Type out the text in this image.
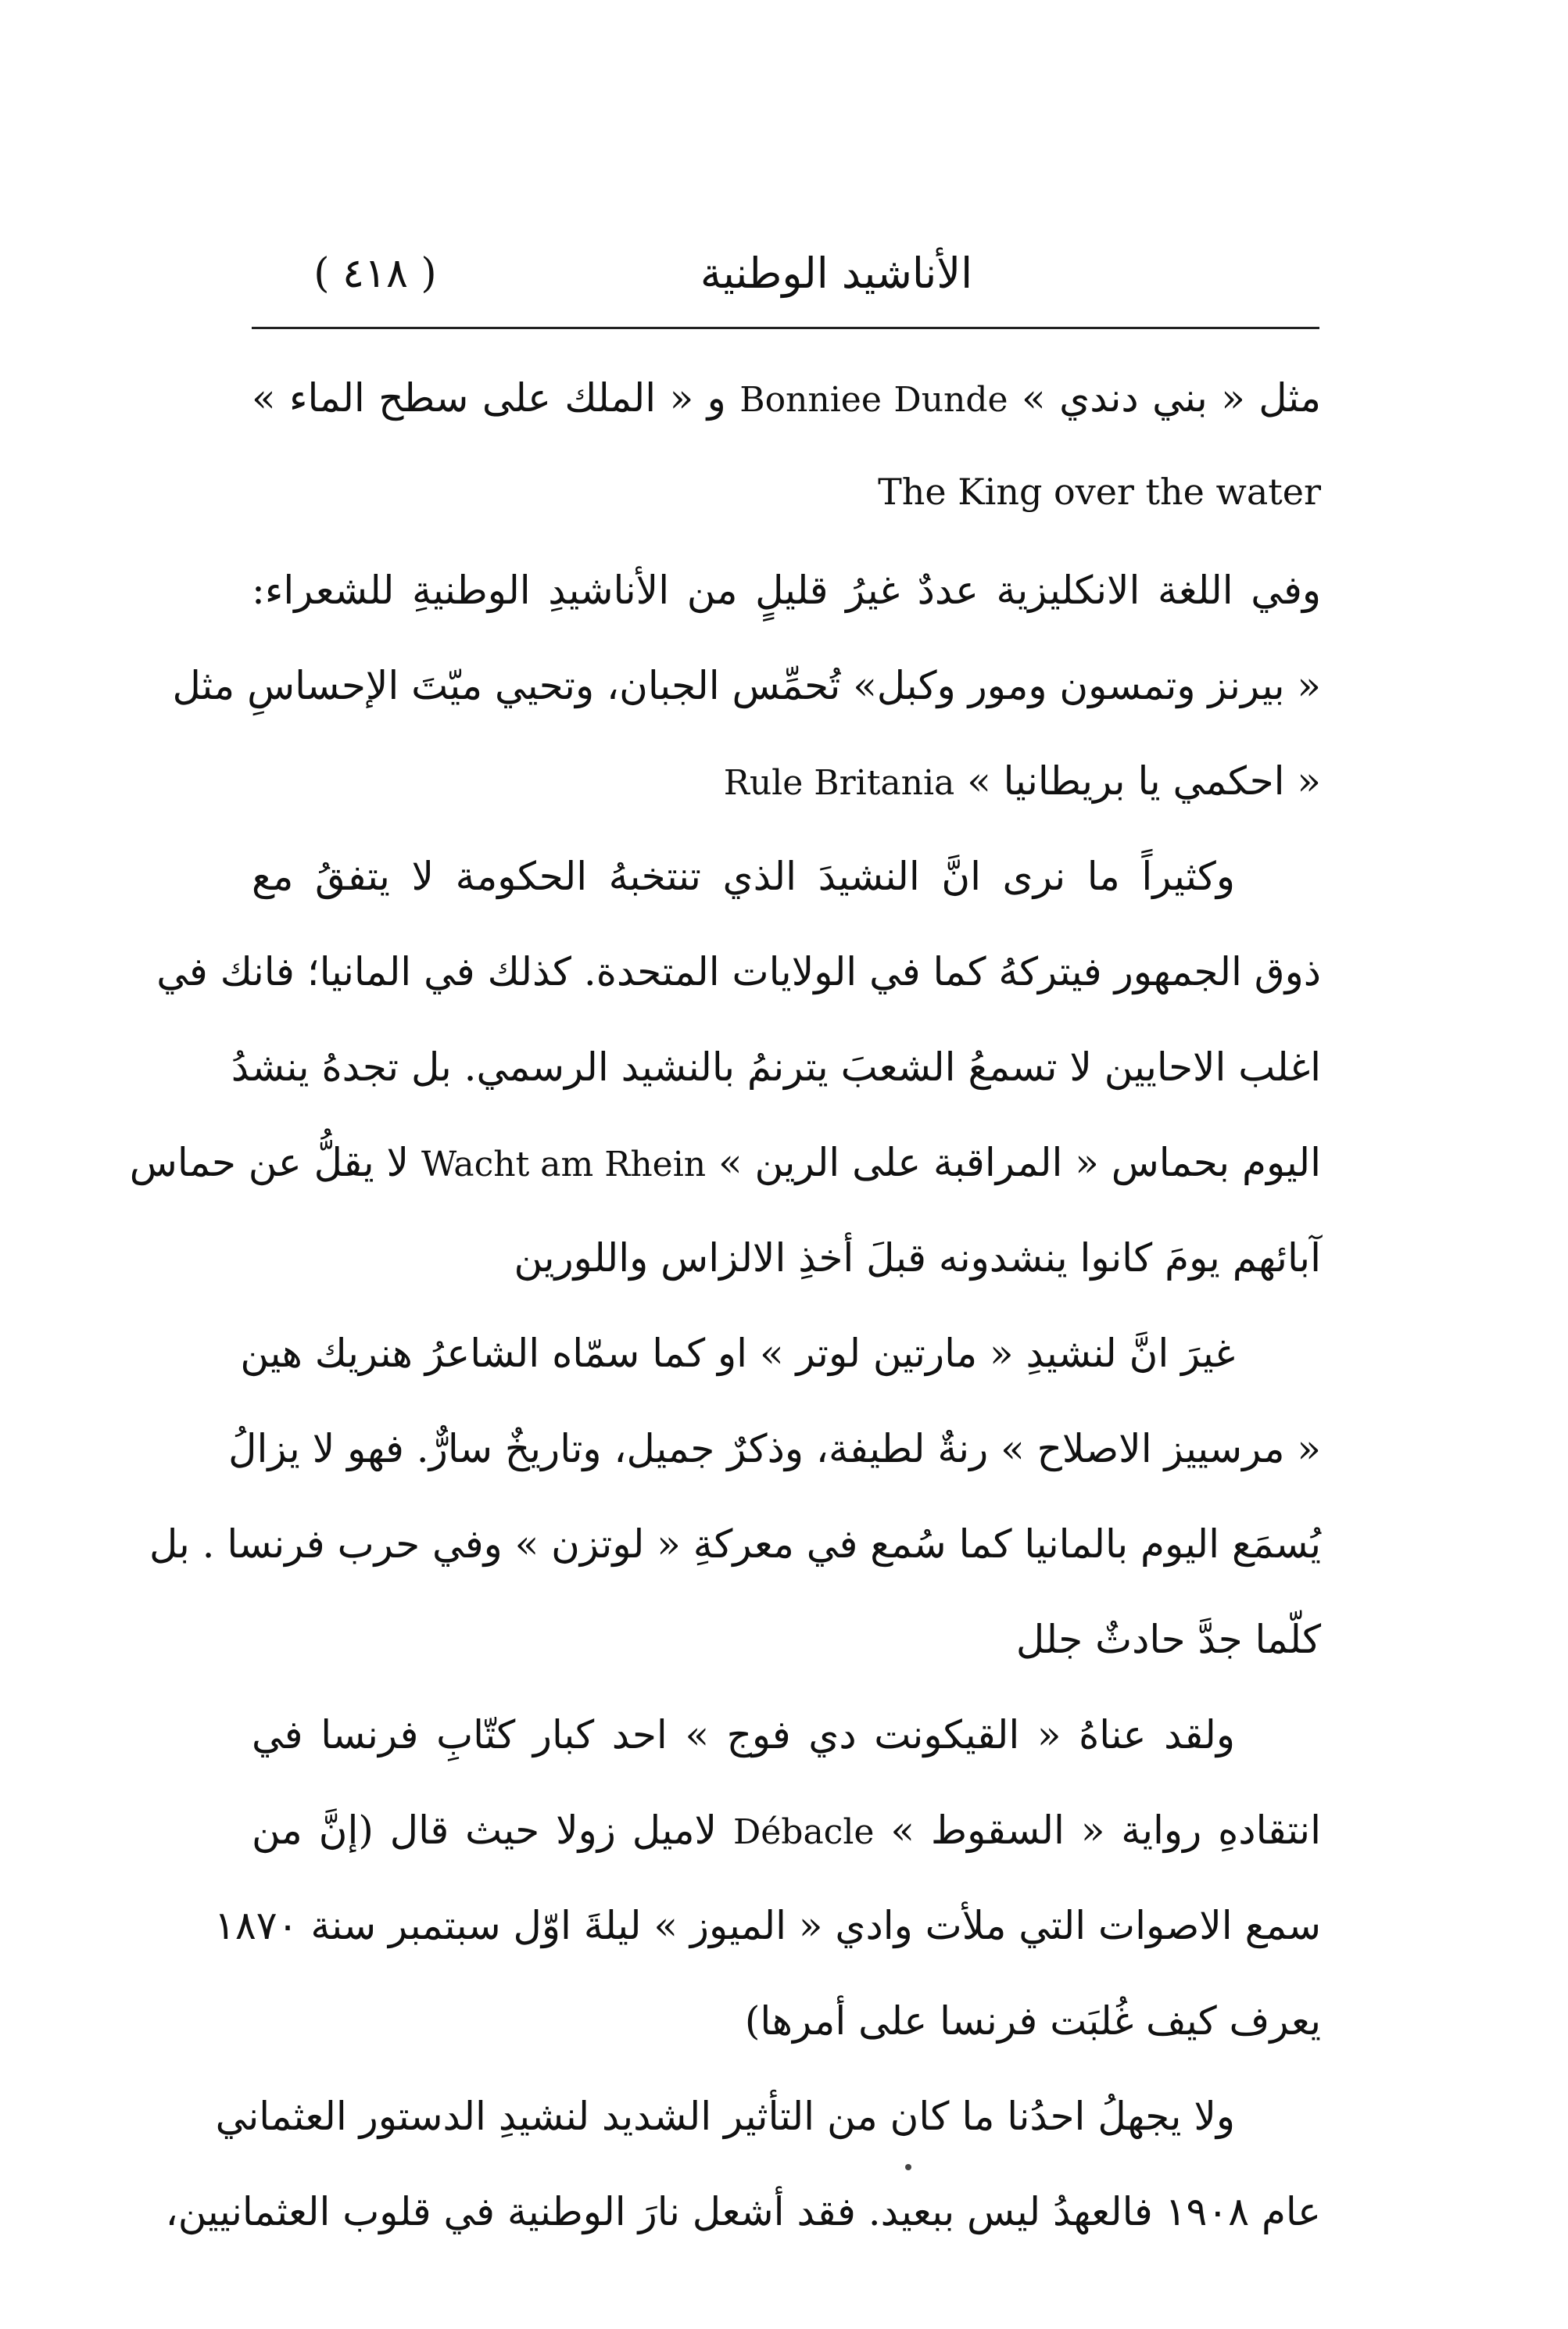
الأناشيد الوطنية
( ٤١٨ )
مثل « بني دندي » Bonniee Dunde و « الملك على سطح الماء »
The King over the water
وفي اللغة الانكليزية عددٌ غيرُ قليلٍ من الأناشيدِ الوطنيةِ للشعراء:
« بيرنز وتمسون ومور وكبل» تُحمِّس الجبان، وتحيي ميّتَ الإحساسِ مثل
« احكمي يا بريطانيا » Rule Britania
وكثيراً ما نرى انَّ النشيدَ الذي تنتخبهُ الحكومة لا يتفقُ مع
ذوق الجمهور فيتركهُ كما في الولايات المتحدة. كذلك في المانيا؛ فانك في
اغلب الاحايين لا تسمعُ الشعبَ يترنمُ بالنشيد الرسمي. بل تجدهُ ينشدُ
اليوم بحماس « المراقبة على الرين » Wacht am Rhein لا يقلُّ عن حماس
آبائهم يومَ كانوا ينشدونه قبلَ أخذِ الالزاس واللورين
غيرَ انَّ لنشيدِ « مارتين لوتر » او كما سمّاه الشاعرُ هنريك هين
« مرسييز الاصلاح » رنةٌ لطيفة، وذكرٌ جميل، وتاريخٌ سارٌّ. فهو لا يزالُ
يُسمَع اليوم بالمانيا كما سُمع في معركةِ « لوتزن » وفي حرب فرنسا . بل
كلّما جدَّ حادثٌ جلل
ولقد عناهُ « القيكونت دي فوج » احد كبار كتّابِ فرنسا في
انتقادهِ رواية « السقوط » Débacle لاميل زولا حيث قال (إنَّ من
سمع الاصوات التي ملأت وادي « الميوز » ليلةَ اوّل سبتمبر سنة ١٨٧٠
يعرف كيف غُلبَت فرنسا على أمرها)
ولا يجهلُ احدُنا ما كان من التأثير الشديد لنشيدِ الدستور العثماني
عام ١٩٠٨ فالعهدُ ليس ببعيد. فقد أشعل نارَ الوطنية في قلوب العثمانيين،
